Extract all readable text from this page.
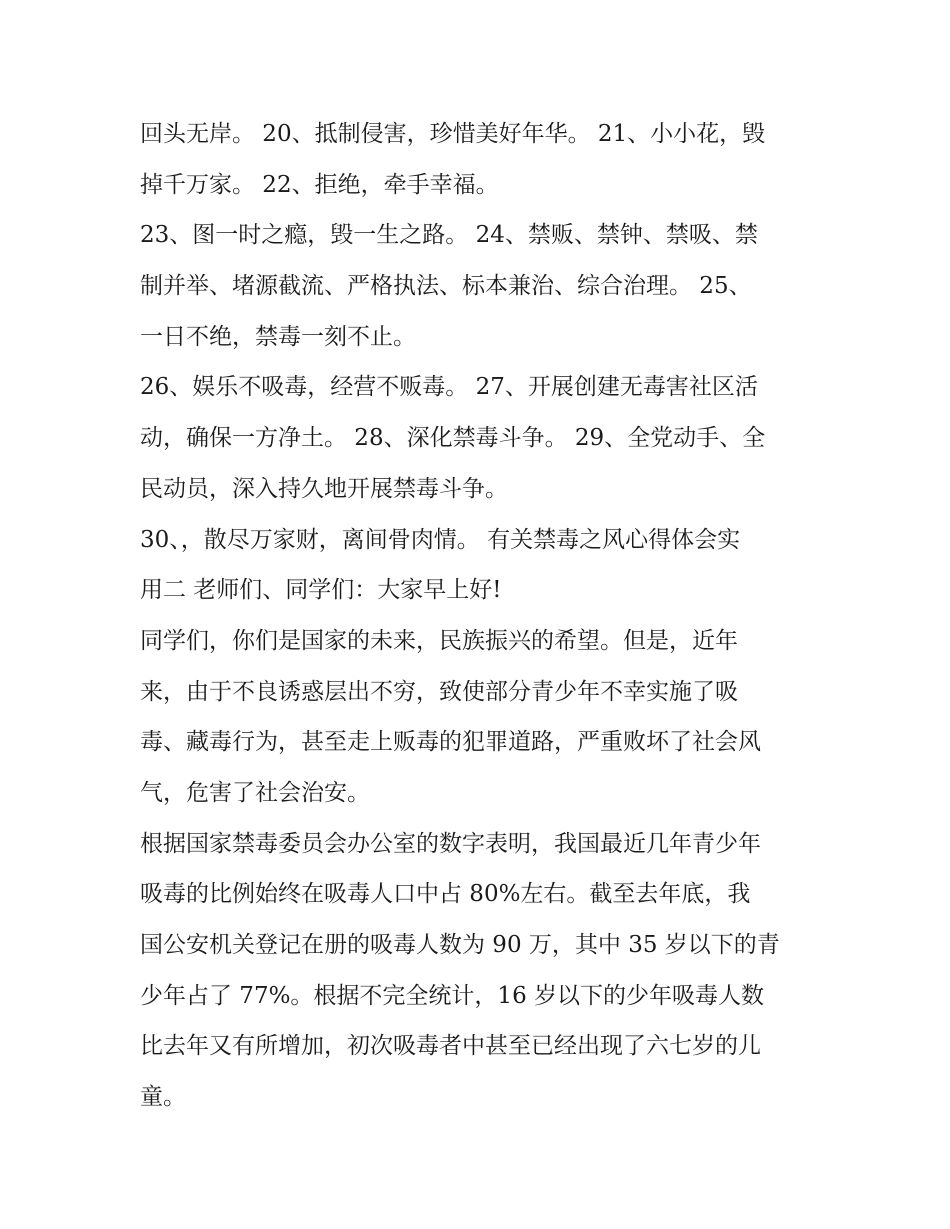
回头无岸。 20、抵制侵害，珍惜美好年华。 21、小小花，毁
掉千万家。 22、拒绝，牵手幸福。
23、图一时之瘾，毁一生之路。 24、禁贩、禁钟、禁吸、禁
制并举、堵源截流、严格执法、标本兼治、综合治理。 25、
一日不绝，禁毒一刻不止。
26、娱乐不吸毒，经营不贩毒。 27、开展创建无毒害社区活
动，确保一方净土。 28、深化禁毒斗争。 29、全党动手、全
民动员，深入持久地开展禁毒斗争。
30、，散尽万家财，离间骨肉情。 有关禁毒之风心得体会实
用二 老师们、同学们：大家早上好!
同学们，你们是国家的未来，民族振兴的希望。但是，近年
来，由于不良诱惑层出不穷，致使部分青少年不幸实施了吸
毒、藏毒行为，甚至走上贩毒的犯罪道路，严重败坏了社会风
气，危害了社会治安。
根据国家禁毒委员会办公室的数字表明，我国最近几年青少年
吸毒的比例始终在吸毒人口中占 80%左右。截至去年底，我
国公安机关登记在册的吸毒人数为 90 万，其中 35 岁以下的青
少年占了 77%。根据不完全统计，16 岁以下的少年吸毒人数
比去年又有所增加，初次吸毒者中甚至已经出现了六七岁的儿
童。
